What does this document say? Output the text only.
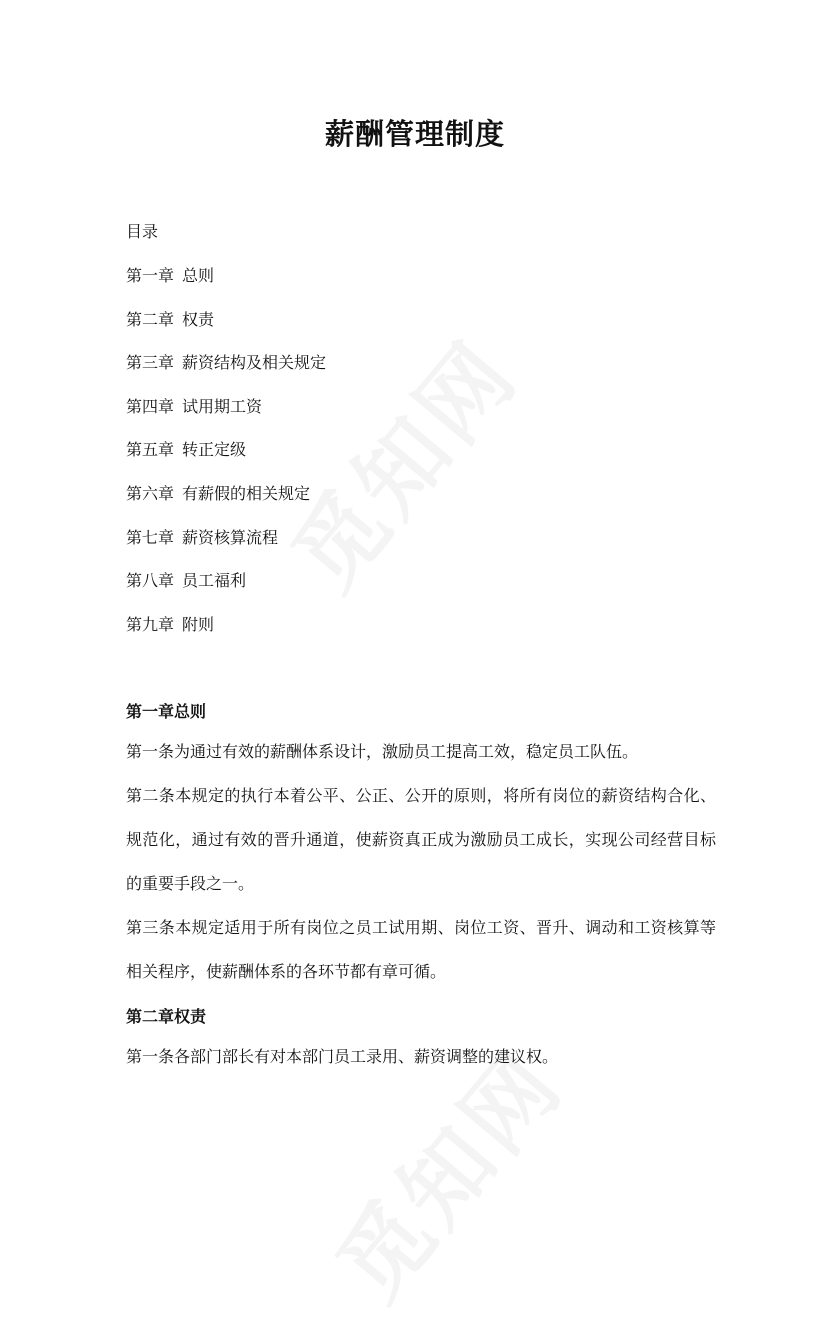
薪酬管理制度
目录
第一章 总则
第二章 权责
第三章 薪资结构及相关规定
第四章 试用期工资
第五章 转正定级
第六章 有薪假的相关规定
第七章 薪资核算流程
第八章 员工福利
第九章 附则
第一章总则

第一条为通过有效的薪酬体系设计，激励员工提高工效，稳定员工队伍。

第二条本规定的执行本着公平、公正、公开的原则，将所有岗位的薪资结构合化、规范化，通过有效的晋升通道，使薪资真正成为激励员工成长，实现公司经营目标的重要手段之一。

第三条本规定适用于所有岗位之员工试用期、岗位工资、晋升、调动和工资核算等相关程序，使薪酬体系的各环节都有章可循。

第二章权责

第一条各部门部长有对本部门员工录用、薪资调整的建议权。
